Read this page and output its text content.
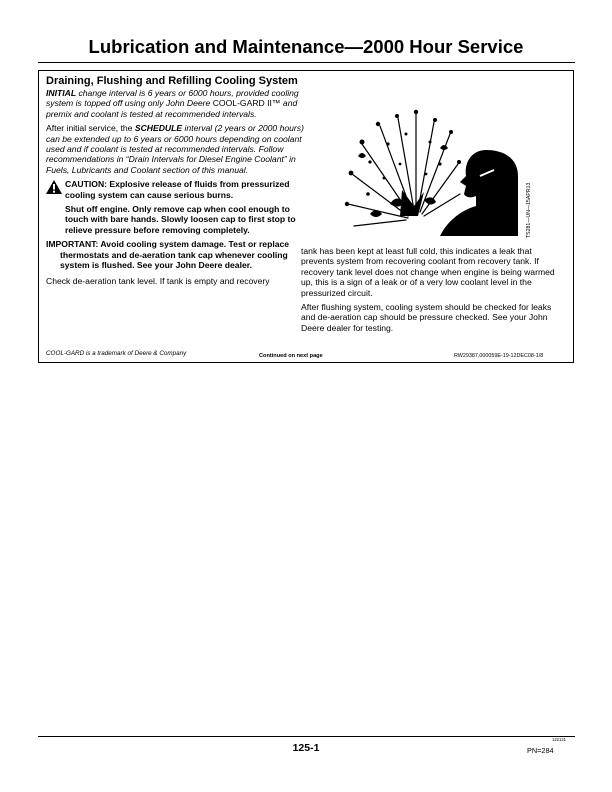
Lubrication and Maintenance—2000 Hour Service
Draining, Flushing and Refilling Cooling System

INITIAL change interval is 6 years or 6000 hours, provided cooling system is topped off using only John Deere COOL-GARD II™ and premix and coolant is tested at recommended intervals.

After initial service, the SCHEDULE interval (2 years or 2000 hours) can be extended up to 6 years or 6000 hours depending on coolant used and if coolant is tested at recommended intervals. Follow recommendations in “Drain Intervals for Diesel Engine Coolant” in Fuels, Lubricants and Coolant section of this manual.

CAUTION: Explosive release of fluids from pressurized cooling system can cause serious burns.
Shut off engine. Only remove cap when cool enough to touch with bare hands. Slowly loosen cap to first stop to relieve pressure before removing completely.
IMPORTANT: Avoid cooling system damage. Test or replace thermostats and de-aeration tank cap whenever cooling system is flushed. See your John Deere dealer.

Check de-aeration tank level. If tank is empty and recovery

TS281—UN—15APR13

tank has been kept at least full cold, this indicates a leak that prevents system from recovering coolant from recovery tank. If recovery tank level does not change when engine is being warmed up, this is a sign of a leak or of a very low coolant level in the pressurized circuit.

After flushing system, cooling system should be checked for leaks and de-aeration cap should be pressure checked. See your John Deere dealer for testing.

COOL-GARD is a trademark of Deere & Company	Continued on next page	RW29387,000059E-19-12DEC08-1/8
125-1
122121
PN=284
